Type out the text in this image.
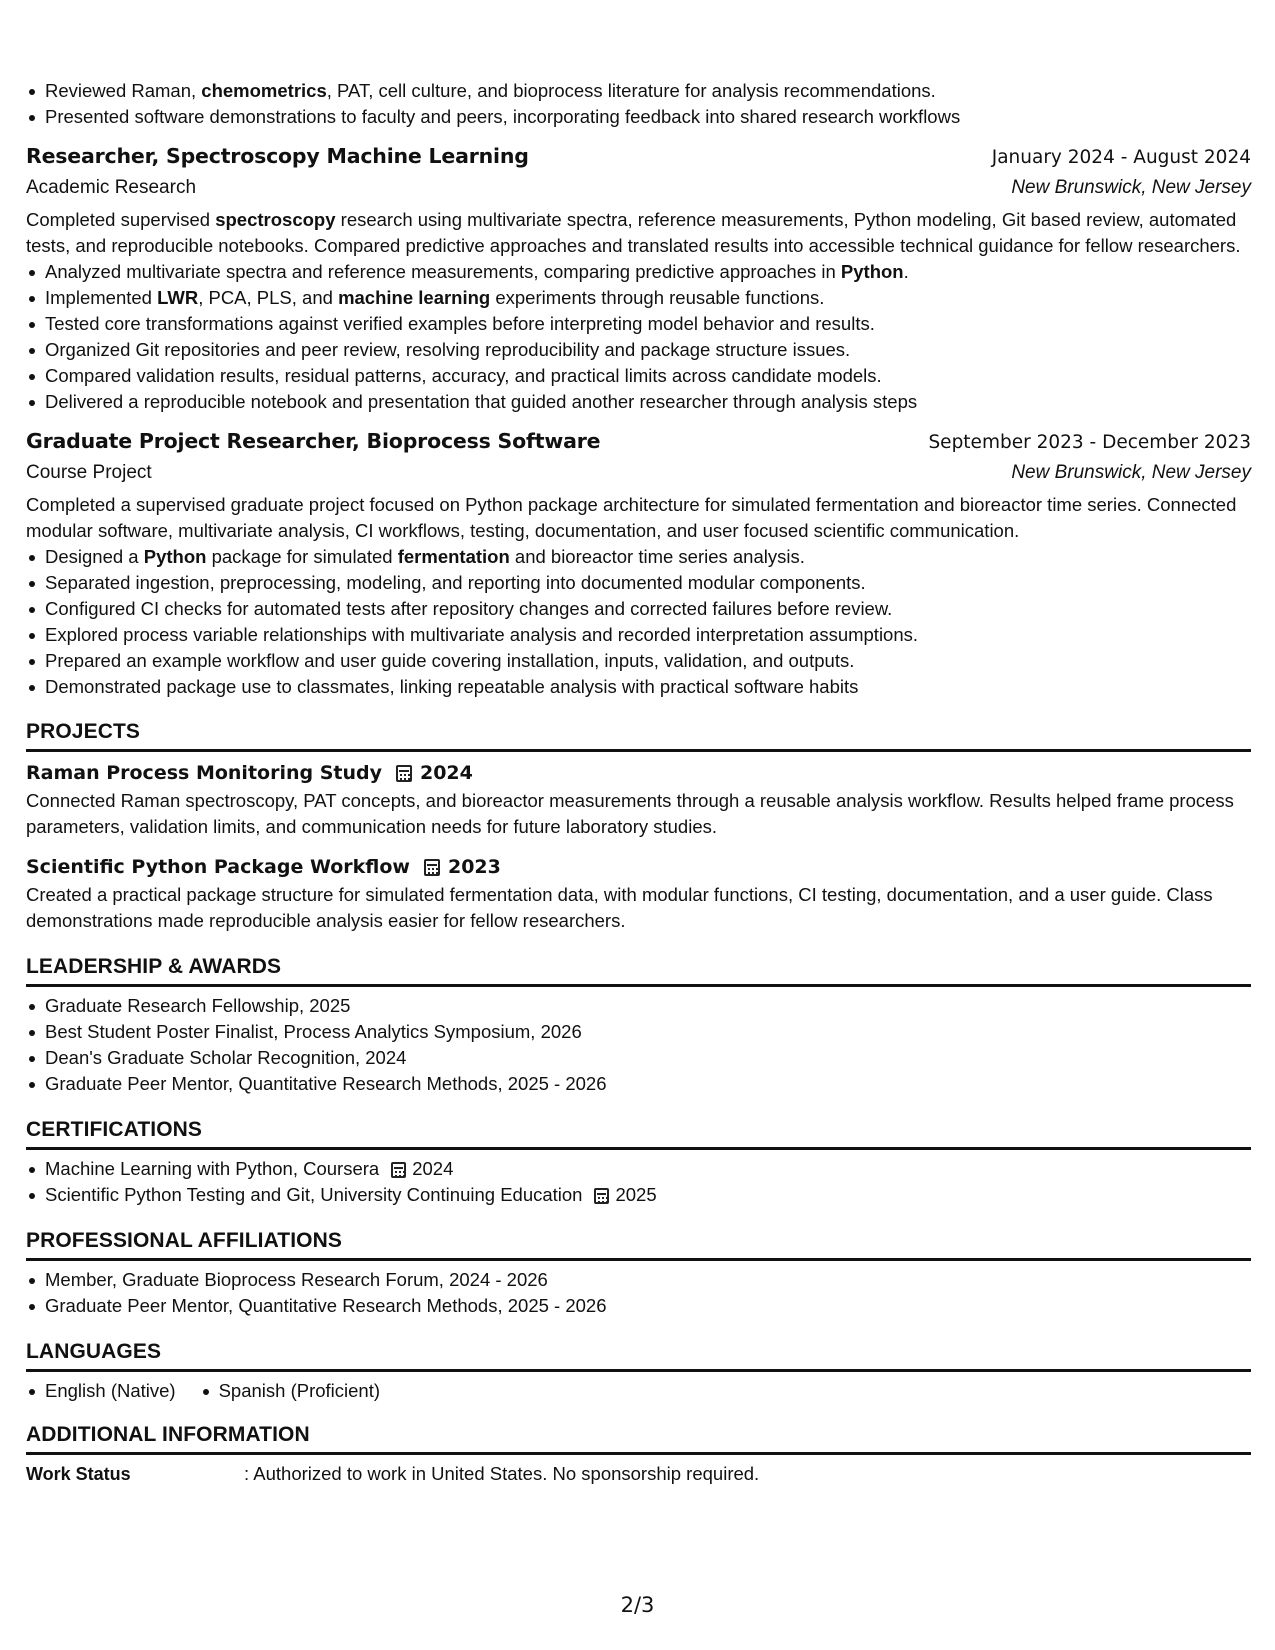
Reviewed Raman, chemometrics, PAT, cell culture, and bioprocess literature for analysis recommendations.
Presented software demonstrations to faculty and peers, incorporating feedback into shared research workflows
Researcher, Spectroscopy Machine Learning	January 2024 - August 2024
Academic Research	New Brunswick, New Jersey

Completed supervised spectroscopy research using multivariate spectra, reference measurements, Python modeling, Git based review, automated tests, and reproducible notebooks. Compared predictive approaches and translated results into accessible technical guidance for fellow researchers.

Analyzed multivariate spectra and reference measurements, comparing predictive approaches in Python.
Implemented LWR, PCA, PLS, and machine learning experiments through reusable functions.
Tested core transformations against verified examples before interpreting model behavior and results.
Organized Git repositories and peer review, resolving reproducibility and package structure issues.
Compared validation results, residual patterns, accuracy, and practical limits across candidate models.
Delivered a reproducible notebook and presentation that guided another researcher through analysis steps
Graduate Project Researcher, Bioprocess Software	September 2023 - December 2023
Course Project	New Brunswick, New Jersey

Completed a supervised graduate project focused on Python package architecture for simulated fermentation and bioreactor time series. Connected modular software, multivariate analysis, CI workflows, testing, documentation, and user focused scientific communication.

Designed a Python package for simulated fermentation and bioreactor time series analysis.
Separated ingestion, preprocessing, modeling, and reporting into documented modular components.
Configured CI checks for automated tests after repository changes and corrected failures before review.
Explored process variable relationships with multivariate analysis and recorded interpretation assumptions.
Prepared an example workflow and user guide covering installation, inputs, validation, and outputs.
Demonstrated package use to classmates, linking repeatable analysis with practical software habits
PROJECTS
Raman Process Monitoring Study 2024

Connected Raman spectroscopy, PAT concepts, and bioreactor measurements through a reusable analysis workflow. Results helped frame process parameters, validation limits, and communication needs for future laboratory studies.

Scientific Python Package Workflow 2023

Created a practical package structure for simulated fermentation data, with modular functions, CI testing, documentation, and a user guide. Class demonstrations made reproducible analysis easier for fellow researchers.

LEADERSHIP & AWARDS
Graduate Research Fellowship, 2025
Best Student Poster Finalist, Process Analytics Symposium, 2026
Dean's Graduate Scholar Recognition, 2024
Graduate Peer Mentor, Quantitative Research Methods, 2025 - 2026
CERTIFICATIONS
Machine Learning with Python, Coursera 2024
Scientific Python Testing and Git, University Continuing Education 2025
PROFESSIONAL AFFILIATIONS
Member, Graduate Bioprocess Research Forum, 2024 - 2026
Graduate Peer Mentor, Quantitative Research Methods, 2025 - 2026
LANGUAGES
English (Native)	Spanish (Proficient)
ADDITIONAL INFORMATION
Work Status	: Authorized to work in United States. No sponsorship required.
2/3
